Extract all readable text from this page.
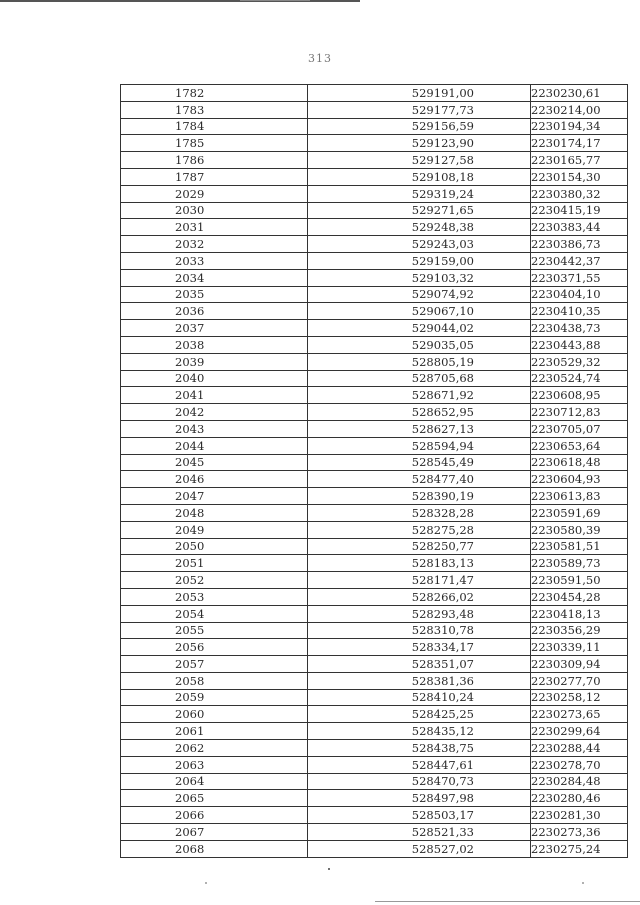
313
1782	529191,00	2230230,61
1783	529177,73	2230214,00
1784	529156,59	2230194,34
1785	529123,90	2230174,17
1786	529127,58	2230165,77
1787	529108,18	2230154,30
2029	529319,24	2230380,32
2030	529271,65	2230415,19
2031	529248,38	2230383,44
2032	529243,03	2230386,73
2033	529159,00	2230442,37
2034	529103,32	2230371,55
2035	529074,92	2230404,10
2036	529067,10	2230410,35
2037	529044,02	2230438,73
2038	529035,05	2230443,88
2039	528805,19	2230529,32
2040	528705,68	2230524,74
2041	528671,92	2230608,95
2042	528652,95	2230712,83
2043	528627,13	2230705,07
2044	528594,94	2230653,64
2045	528545,49	2230618,48
2046	528477,40	2230604,93
2047	528390,19	2230613,83
2048	528328,28	2230591,69
2049	528275,28	2230580,39
2050	528250,77	2230581,51
2051	528183,13	2230589,73
2052	528171,47	2230591,50
2053	528266,02	2230454,28
2054	528293,48	2230418,13
2055	528310,78	2230356,29
2056	528334,17	2230339,11
2057	528351,07	2230309,94
2058	528381,36	2230277,70
2059	528410,24	2230258,12
2060	528425,25	2230273,65
2061	528435,12	2230299,64
2062	528438,75	2230288,44
2063	528447,61	2230278,70
2064	528470,73	2230284,48
2065	528497,98	2230280,46
2066	528503,17	2230281,30
2067	528521,33	2230273,36
2068	528527,02	2230275,24
